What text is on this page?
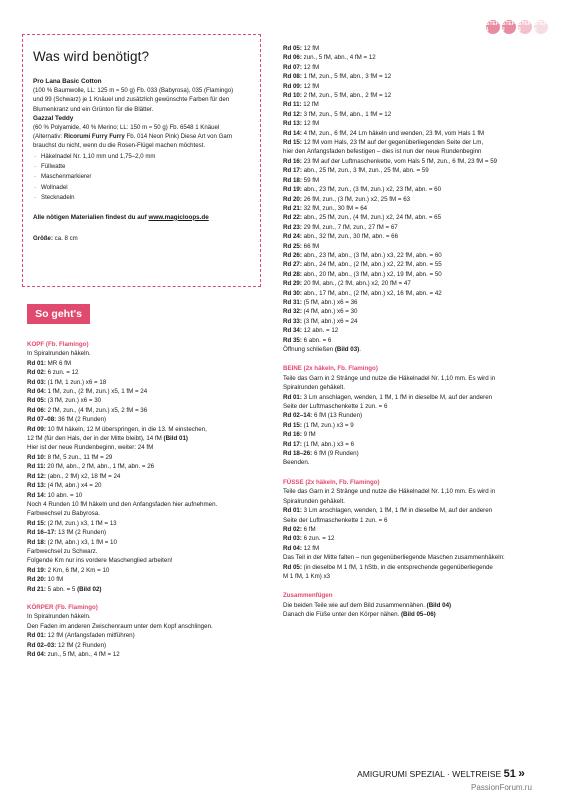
STEP 1
STEP 2
STEP 3
STEP 4
Was wird benötigt?

Pro Lana Basic Cotton

(100 % Baumwolle, LL: 125 m ≈ 50 g) Fb. 033 (Babyrosa), 035 (Flamingo)

und 99 (Schwarz) je 1 Knäuel und zusätzlich gewünschte Farben für den

Blumenkranz und ein Grünton für die Blätter.

Gazzal Teddy

(60 % Polyamide, 40 % Merino; LL: 150 m ≈ 50 g) Fb. 6548 1 Knäuel

(Alternativ: Ricorumi Furry Furry Fb. 014 Neon Pink) Diese Art von Garn

brauchst du nicht, wenn du die Rosen-Flügel machen möchtest.

· Häkelnadel Nr. 1,10 mm und 1,75–2,0 mm
· Füllwatte
· Maschenmarkierer
· Wollnadel
· Stecknadeln

Alle nötigen Materialien findest du auf www.magicloops.de

Größe: ca. 8 cm

So geht's
KOPF (Fb. Flamingo)
In Spiralrunden häkeln.
Rd 01: MR 6 fM
Rd 02: 6 zun. = 12
Rd 03: (1 fM, 1 zun.) x6 = 18
Rd 04: 1 fM, zun., (2 fM, zun.) x5, 1 fM = 24
Rd 05: (3 fM, zun.) x6 = 30
Rd 06: 2 fM, zun., (4 fM, zun.) x5, 2 fM = 36
Rd 07–08: 36 fM (2 Runden)
Rd 09: 10 fM häkeln, 12 M überspringen, in die 13. M einstechen,
12 fM (für den Hals, der in der Mitte bleibt), 14 fM (Bild 01)
Hier ist der neue Rundenbeginn, weiter: 24 fM
Rd 10: 8 fM, 5 zun., 11 fM = 29
Rd 11: 20 fM, abn., 2 fM, abn., 1 fM, abn. = 26
Rd 12: (abn., 2 fM) x2, 18 fM = 24
Rd 13: (4 fM, abn.) x4 = 20
Rd 14: 10 abn. = 10
Noch 4 Runden 10 fM häkeln und den Anfangsfaden hier aufnehmen.
Farbwechsel zu Babyrosa.
Rd 15: (2 fM, zun.) x3, 1 fM = 13
Rd 16–17: 13 fM (2 Runden)
Rd 18: (2 fM, abn.) x3, 1 fM = 10
Farbwechsel zu Schwarz.
Folgende Km nur ins vordere Maschenglied arbeiten!
Rd 19: 2 Km, 6 fM, 2 Km = 10
Rd 20: 10 fM
Rd 21: 5 abn. = 5 (Bild 02)
KÖRPER (Fb. Flamingo)
In Spiralrunden häkeln.
Den Faden im anderen Zwischenraum unter dem Kopf anschlingen.
Rd 01: 12 fM (Anfangsfaden mitführen)
Rd 02–03: 12 fM (2 Runden)
Rd 04: zun., 5 fM, abn., 4 fM = 12
Rd 05: 12 fM
Rd 06: zun., 5 fM, abn., 4 fM = 12
Rd 07: 12 fM
Rd 08: 1 fM, zun., 5 fM, abn., 3 fM = 12
Rd 09: 12 fM
Rd 10: 2 fM, zun., 5 fM, abn., 2 fM = 12
Rd 11: 12 fM
Rd 12: 3 fM, zun., 5 fM, abn., 1 fM = 12
Rd 13: 12 fM
Rd 14: 4 fM, zun., 6 fM, 24 Lm häkeln und wenden, 23 fM, vom Hals 1 fM
Rd 15: 12 fM vom Hals, 23 fM auf der gegenüberliegenden Seite der Lm,
hier den Anfangsfaden befestigen – dies ist nun der neue Rundenbeginn
Rd 16: 23 fM auf der Luftmaschenkette, vom Hals 5 fM, zun., 6 fM, 23 fM = 59
Rd 17: abn., 25 fM, zun., 3 fM, zun., 25 fM, abn. = 59
Rd 18: 59 fM
Rd 19: abn., 23 fM, zun., (3 fM, zun.) x2, 23 fM, abn. = 60
Rd 20: 26 fM, zun., (3 fM, zun.) x2, 25 fM = 63
Rd 21: 32 fM, zun., 30 fM = 64
Rd 22: abn., 25 fM, zun., (4 fM, zun.) x2, 24 fM, abn. = 65
Rd 23: 29 fM, zun., 7 fM, zun., 27 fM = 67
Rd 24: abn., 32 fM, zun., 30 fM, abn. = 66
Rd 25: 66 fM
Rd 26: abn., 23 fM, abn., (3 fM, abn.) x3, 22 fM, abn. = 60
Rd 27: abn., 24 fM, abn., (2 fM, abn.) x2, 22 fM, abn. = 55
Rd 28: abn., 20 fM, abn., (3 fM, abn.) x2, 19 fM, abn. = 50
Rd 29: 20 fM, abn., (2 fM, abn.) x2, 20 fM = 47
Rd 30: abn., 17 fM, abn., (2 fM, abn.) x2, 16 fM, abn. = 42
Rd 31: (5 fM, abn.) x6 = 36
Rd 32: (4 fM, abn.) x6 = 30
Rd 33: (3 fM, abn.) x6 = 24
Rd 34: 12 abn. = 12
Rd 35: 6 abn. = 6
Öffnung schließen (Bild 03).
BEINE (2x häkeln, Fb. Flamingo)
Teile das Garn in 2 Stränge und nutze die Häkelnadel Nr. 1,10 mm. Es wird in
Spiralrunden gehäkelt.
Rd 01: 3 Lm anschlagen, wenden, 1 fM, 1 fM in dieselbe M, auf der anderen
Seite der Luftmaschenkette 1 zun. = 6
Rd 02–14: 6 fM (13 Runden)
Rd 15: (1 fM, zun.) x3 = 9
Rd 16: 9 fM
Rd 17: (1 fM, abn.) x3 = 6
Rd 18–26: 6 fM (9 Runden)
Beenden.
FÜSSE (2x häkeln, Fb. Flamingo)
Teile das Garn in 2 Stränge und nutze die Häkelnadel Nr. 1,10 mm. Es wird in
Spiralrunden gehäkelt.
Rd 01: 3 Lm anschlagen, wenden, 1 fM, 1 fM in dieselbe M, auf der anderen
Seite der Luftmaschenkette 1 zun. = 6
Rd 02: 6 fM
Rd 03: 6 zun. = 12
Rd 04: 12 fM
Das Teil in der Mitte falten – nun gegenüberliegende Maschen zusammenhäkeln:
Rd 05: (in dieselbe M 1 fM, 1 hStb, in die entsprechende gegenüberliegende
M 1 fM, 1 Km) x3
Zusammenfügen
Die beiden Teile wie auf dem Bild zusammennähen. (Bild 04)
Danach die Füße unter den Körper nähen. (Bild 05–06)
AMIGURUMI SPEZIAL · WELTREISE 51 »
PassionForum.ru
